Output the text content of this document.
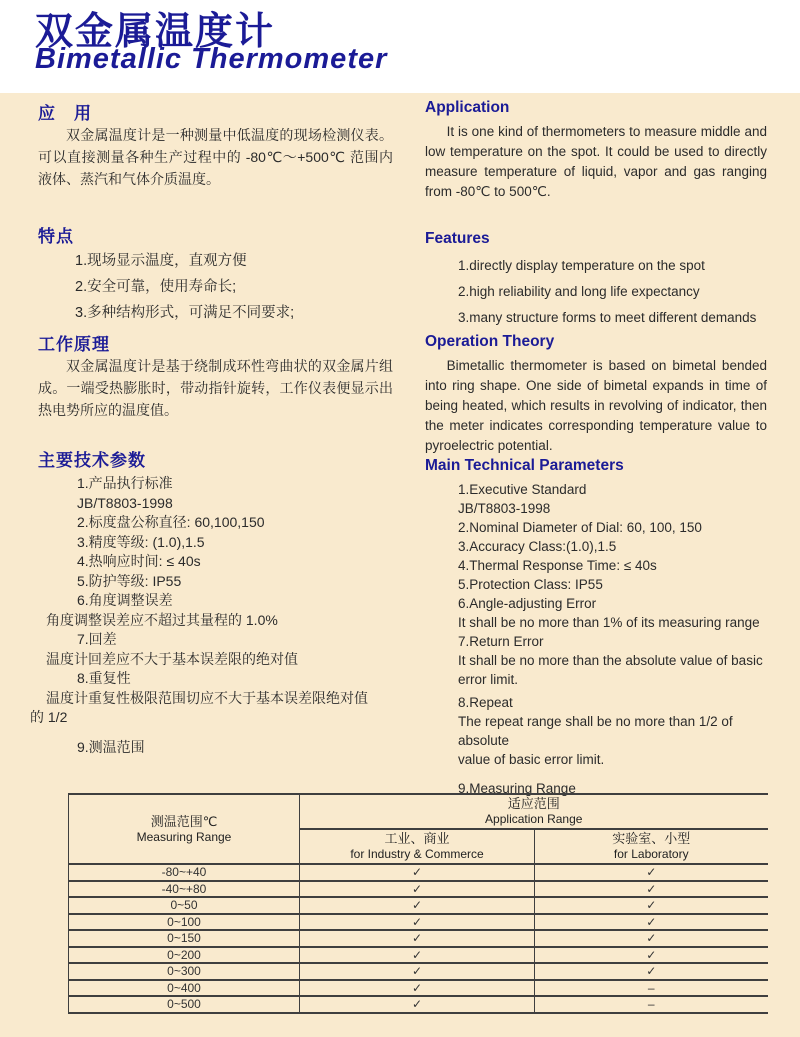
双金属温度计
Bimetallic Thermometer
应　用
双金属温度计是一种测量中低温度的现场检测仪表。可以直接测量各种生产过程中的 -80℃～+500℃ 范围内液体、蒸汽和气体介质温度。
特点
1.现场显示温度，直观方便
2.安全可靠，使用寿命长;
3.多种结构形式，可满足不同要求;
工作原理
双金属温度计是基于绕制成环性弯曲状的双金属片组成。一端受热膨胀时，带动指针旋转，工作仪表便显示出热电势所应的温度值。
主要技术参数
1.产品执行标准
JB/T8803-1998
2.标度盘公称直径: 60,100,150
3.精度等级: (1.0),1.5
4.热响应时间: ≤ 40s
5.防护等级: IP55
6.角度调整误差
角度调整误差应不超过其量程的 1.0%
7.回差
温度计回差应不大于基本误差限的绝对值
8.重复性
温度计重复性极限范围切应不大于基本误差限绝对值
的 1/2
9.测温范围
Application
It is one kind of thermometers to measure middle and low temperature on the spot. It could be used to directly measure temperature of liquid, vapor and gas ranging from -80℃ to 500℃.
Features
1.directly display temperature on the spot
2.high reliability and long life expectancy
3.many structure forms to meet different demands
Operation Theory
Bimetallic thermometer is based on bimetal bended into ring shape. One side of bimetal expands in time of being heated, which results in revolving of indicator, then the meter indicates corresponding temperature value to pyroelectric potential.
Main Technical Parameters
1.Executive Standard
JB/T8803-1998
2.Nominal Diameter of Dial: 60, 100, 150
3.Accuracy Class:(1.0),1.5
4.Thermal Response Time: ≤ 40s
5.Protection Class: IP55
6.Angle-adjusting Error
It shall be no more than 1% of its measuring range
7.Return Error
It shall be no more than the absolute value of basic
error limit.
8.Repeat
The repeat range shall be no more than 1/2 of absolute
value of basic error limit.
9.Measuring Range
测温范围℃
Measuring Range

适应范围
Application Range

工业、商业
for Industry & Commerce

实验室、小型
for Laboratory

-80~+40	✓	✓
-40~+80	✓	✓
0~50	✓	✓
0~100	✓	✓
0~150	✓	✓
0~200	✓	✓
0~300	✓	✓
0~400	✓	–
0~500	✓	–
